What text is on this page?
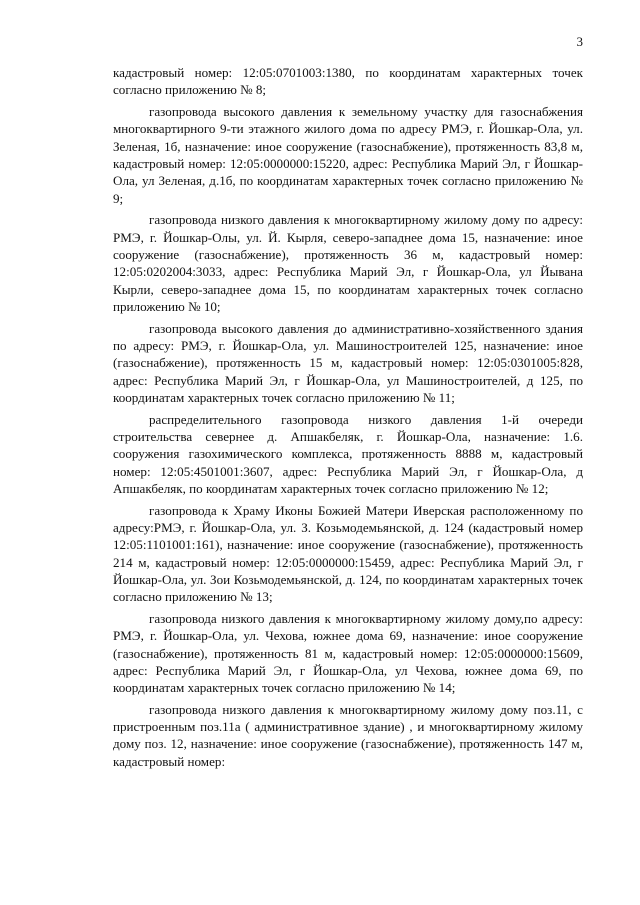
3

кадастровый номер: 12:05:0701003:1380, по координатам характерных точек согласно приложению № 8;

газопровода высокого давления к земельному участку для газоснабжения многоквартирного 9-ти этажного жилого дома по адресу РМЭ, г. Йошкар-Ола, ул. Зеленая, 1б, назначение: иное сооружение (газоснабжение), протяженность 83,8 м, кадастровый номер: 12:05:0000000:15220, адрес: Республика Марий Эл, г Йошкар-Ола, ул Зеленая, д.1б, по координатам характерных точек согласно приложению № 9;

газопровода низкого давления к многоквартирному жилому дому по адресу: РМЭ, г. Йошкар-Олы, ул. Й. Кырля, северо-западнее дома 15, назначение: иное сооружение (газоснабжение), протяженность 36 м, кадастровый номер: 12:05:0202004:3033, адрес: Республика Марий Эл, г Йошкар-Ола, ул Йывана Кырли, северо-западнее дома 15, по координатам характерных точек согласно приложению № 10;

газопровода высокого давления до административно-хозяйственного здания по адресу: РМЭ, г. Йошкар-Ола, ул. Машиностроителей 125, назначение: иное (газоснабжение), протяженность 15 м, кадастровый номер: 12:05:0301005:828, адрес: Республика Марий Эл, г Йошкар-Ола, ул Машиностроителей, д 125, по координатам характерных точек согласно приложению № 11;

распределительного газопровода низкого давления 1-й очереди строительства севернее д. Апшакбеляк, г. Йошкар-Ола, назначение: 1.6. сооружения газохимического комплекса, протяженность 8888 м, кадастровый номер: 12:05:4501001:3607, адрес: Республика Марий Эл, г Йошкар-Ола, д Апшакбеляк, по координатам характерных точек согласно приложению № 12;

газопровода к Храму Иконы Божией Матери Иверская расположенному по адресу:РМЭ, г. Йошкар-Ола, ул. З. Козьмодемьянской, д. 124 (кадастровый номер 12:05:1101001:161), назначение: иное сооружение (газоснабжение), протяженность 214 м, кадастровый номер: 12:05:0000000:15459, адрес: Республика Марий Эл, г Йошкар-Ола, ул. Зои Козьмодемьянской, д. 124, по координатам характерных точек согласно приложению № 13;

газопровода низкого давления к многоквартирному жилому дому,по адресу: РМЭ, г. Йошкар-Ола, ул. Чехова, южнее дома 69, назначение: иное сооружение (газоснабжение), протяженность 81 м, кадастровый номер: 12:05:0000000:15609, адрес: Республика Марий Эл, г Йошкар-Ола, ул Чехова, южнее дома 69, по координатам характерных точек согласно приложению № 14;

газопровода низкого давления к многоквартирному жилому дому поз.11, с пристроенным поз.11а ( административное здание) , и многоквартирному жилому дому поз. 12, назначение: иное сооружение (газоснабжение), протяженность 147 м, кадастровый номер:
